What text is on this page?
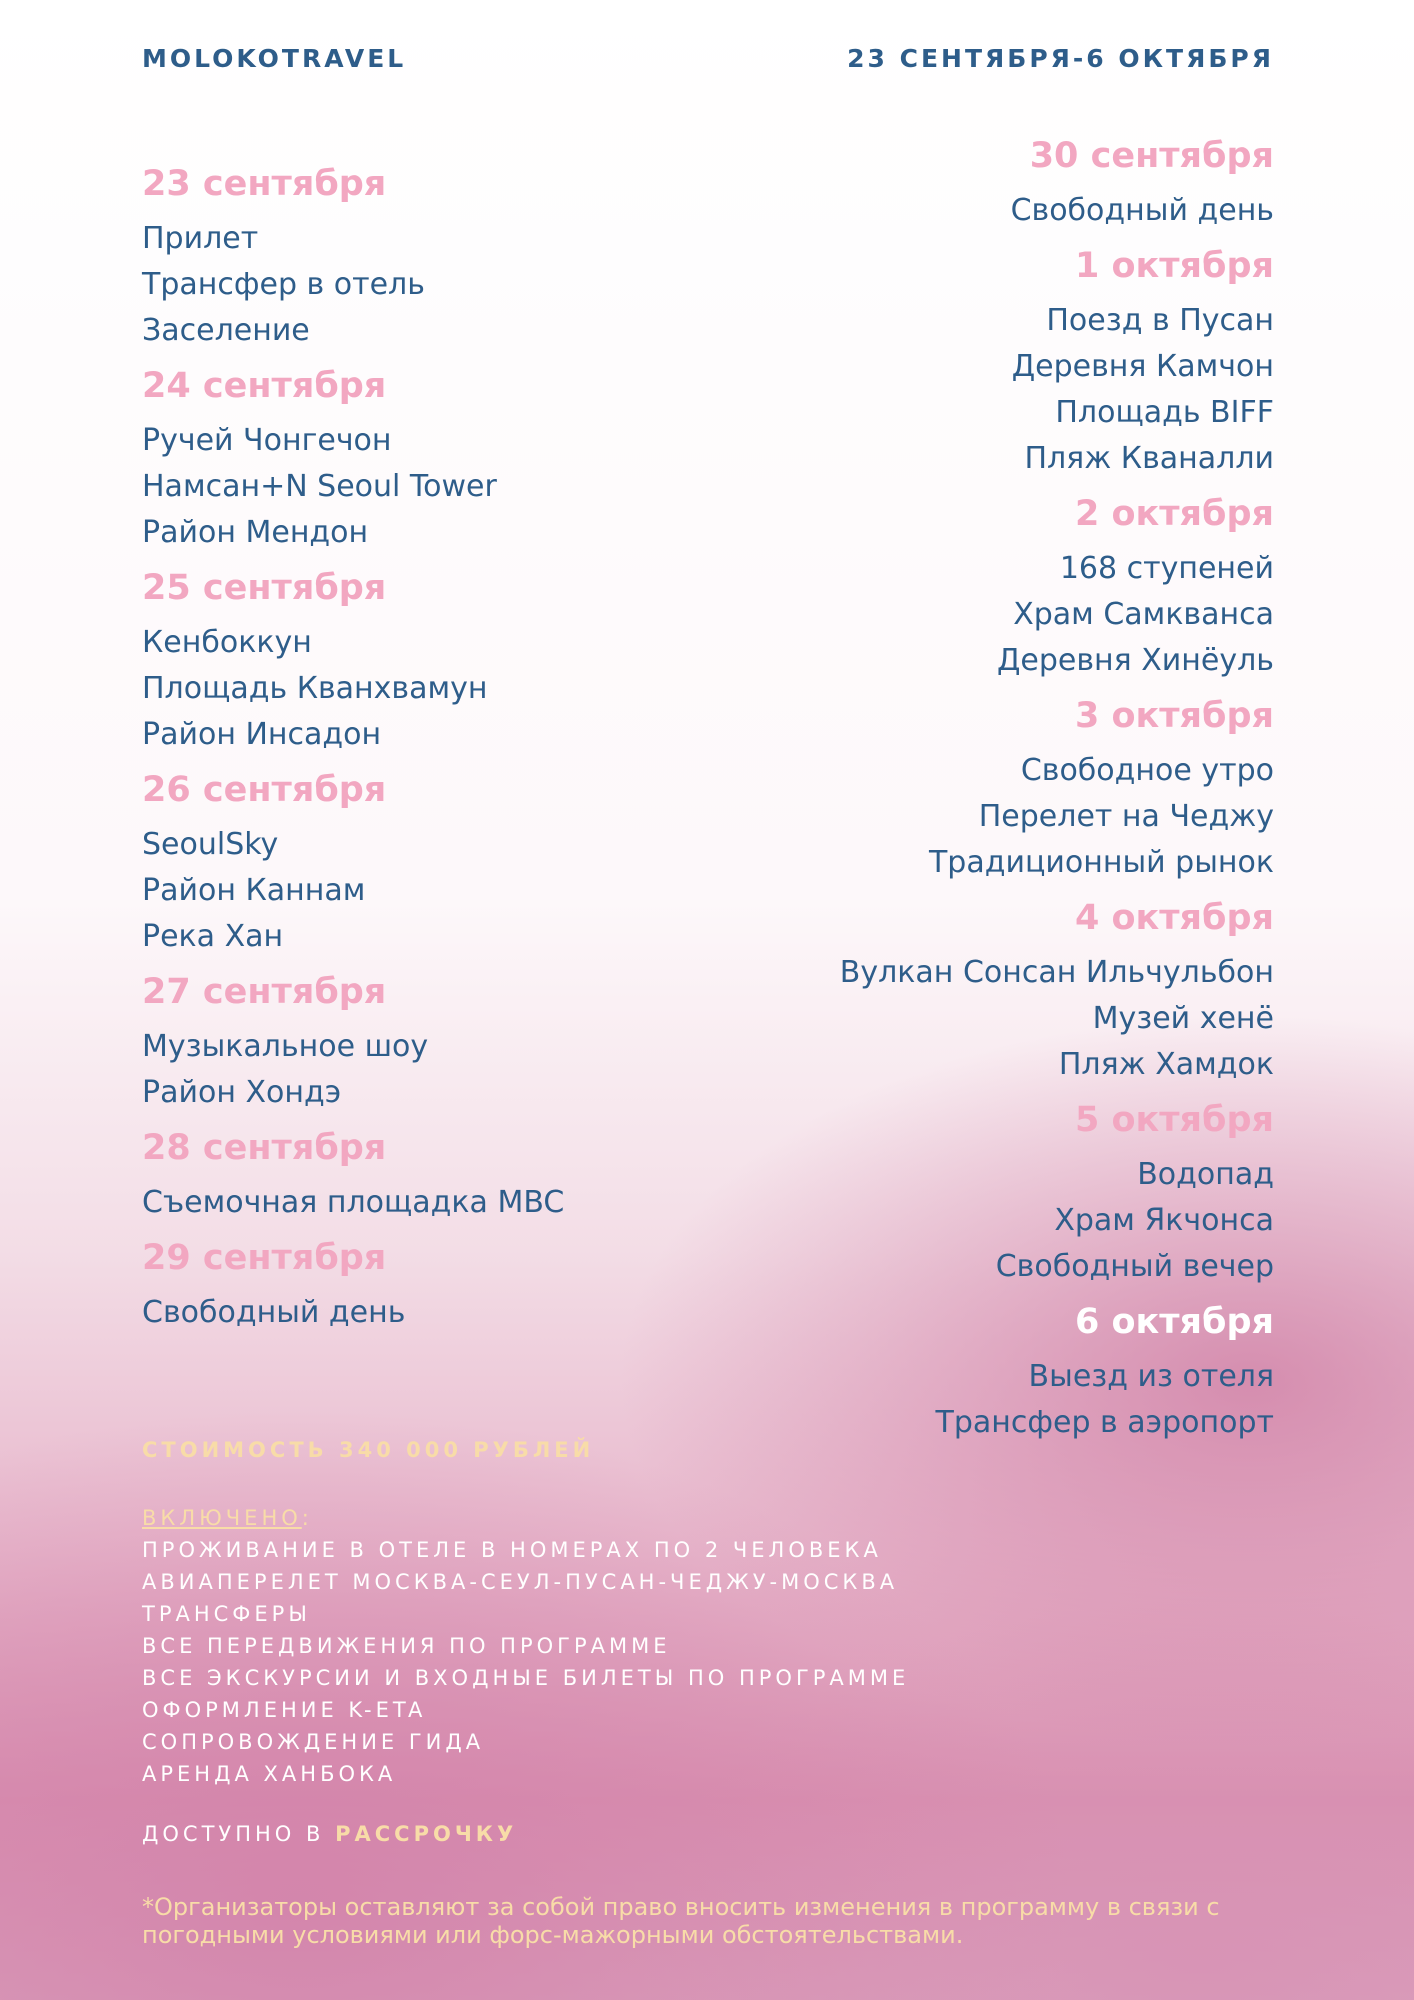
MOLOKOTRAVEL	23 СЕНТЯБРЯ-6 ОКТЯБРЯ
23 сентября
Прилет
Трансфер в отель
Заселение
24 сентября
Ручей Чонгечон
Намсан+N Seoul Tower
Район Мендон
25 сентября
Кенбоккун
Площадь Кванхвамун
Район Инсадон
26 сентября
SeoulSky
Район Каннам
Река Хан
27 сентября
Музыкальное шоу
Район Хондэ
28 сентября
Съемочная площадка MBC
29 сентября
Свободный день
30 сентября
Свободный день
1 октября
Поезд в Пусан
Деревня Камчон
Площадь BIFF
Пляж Кваналли
2 октября
168 ступеней
Храм Самкванса
Деревня Хинёуль
3 октября
Свободное утро
Перелет на Чеджу
Традиционный рынок
4 октября
Вулкан Сонсан Ильчульбон
Музей хенё
Пляж Хамдок
5 октября
Водопад
Храм Якчонса
Свободный вечер
6 октября
Выезд из отеля
Трансфер в аэропорт
СТОИМОСТЬ 340 000 РУБЛЕЙ
ВКЛЮЧЕНО:
ПРОЖИВАНИЕ В ОТЕЛЕ В НОМЕРАХ ПО 2 ЧЕЛОВЕКА
АВИАПЕРЕЛЕТ МОСКВА-СЕУЛ-ПУСАН-ЧЕДЖУ-МОСКВА
ТРАНСФЕРЫ
ВСЕ ПЕРЕДВИЖЕНИЯ ПО ПРОГРАММЕ
ВСЕ ЭКСКУРСИИ И ВХОДНЫЕ БИЛЕТЫ ПО ПРОГРАММЕ
ОФОРМЛЕНИЕ K-ETA
СОПРОВОЖДЕНИЕ ГИДА
АРЕНДА ХАНБОКА
ДОСТУПНО В РАССРОЧКУ
*Организаторы оставляют за собой право вносить изменения в программу в связи с погодными условиями или форс-мажорными обстоятельствами.
